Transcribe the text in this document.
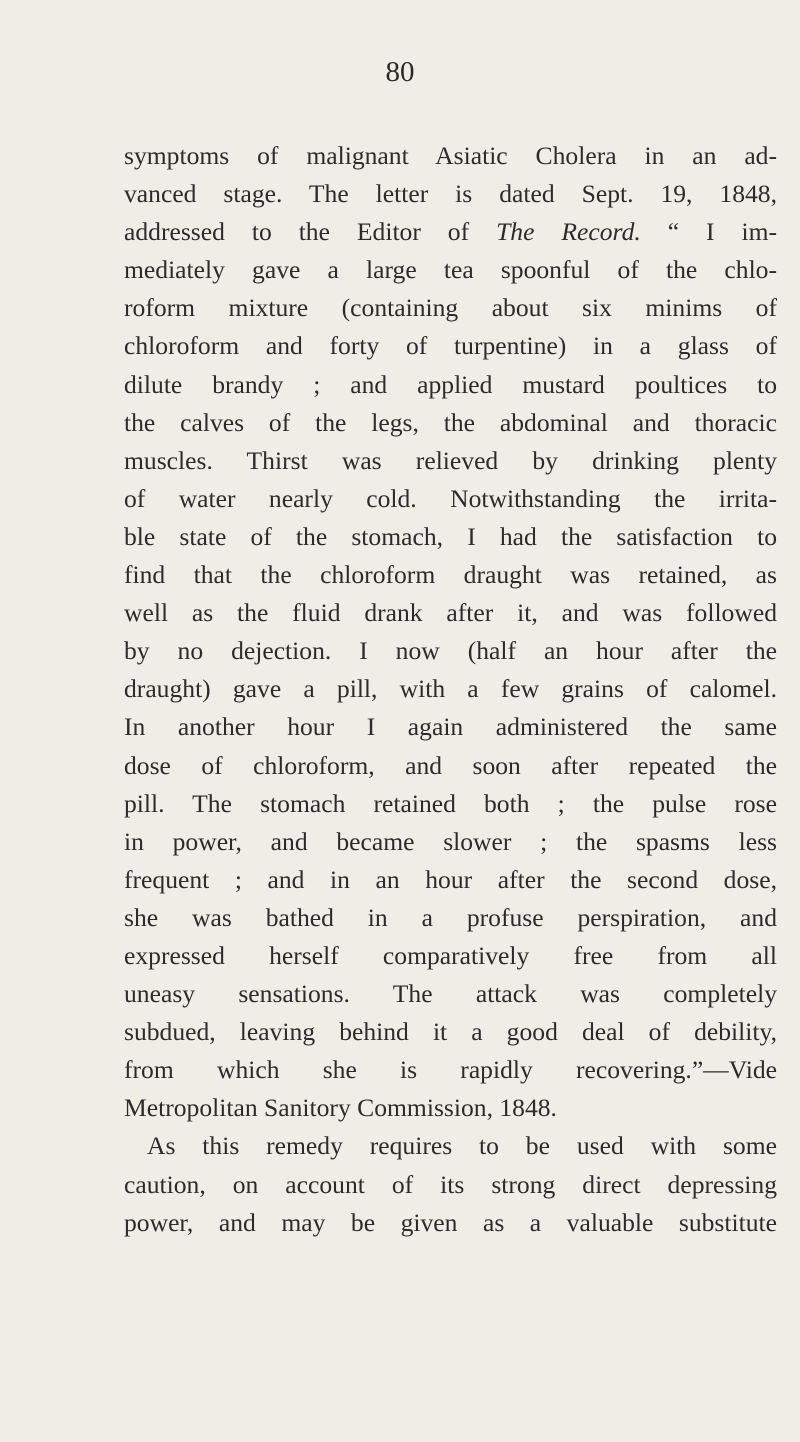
80
symptoms of malignant Asiatic Cholera in an ad-
vanced stage. The letter is dated Sept. 19, 1848,
addressed to the Editor of The Record. “ I im-
mediately gave a large tea spoonful of the chlo-
roform mixture (containing about six minims of
chloroform and forty of turpentine) in a glass of
dilute brandy ; and applied mustard poultices to
the calves of the legs, the abdominal and thoracic
muscles. Thirst was relieved by drinking plenty
of water nearly cold. Notwithstanding the irrita-
ble state of the stomach, I had the satisfaction to
find that the chloroform draught was retained, as
well as the fluid drank after it, and was followed
by no dejection. I now (half an hour after the
draught) gave a pill, with a few grains of calomel.
In another hour I again administered the same
dose of chloroform, and soon after repeated the
pill. The stomach retained both ; the pulse rose
in power, and became slower ; the spasms less
frequent ; and in an hour after the second dose,
she was bathed in a profuse perspiration, and
expressed herself comparatively free from all
uneasy sensations. The attack was completely
subdued, leaving behind it a good deal of debility,
from which she is rapidly recovering.”—Vide
Metropolitan Sanitory Commission, 1848.
As this remedy requires to be used with some
caution, on account of its strong direct depressing
power, and may be given as a valuable substitute
